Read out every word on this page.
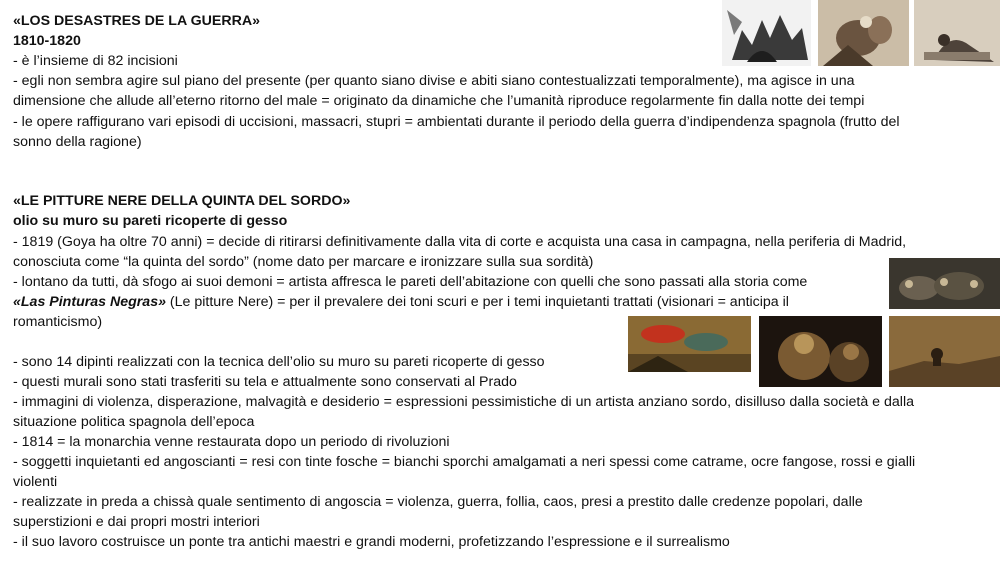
«LOS DESASTRES DE LA GUERRA»
1810-1820
- è l’insieme di 82 incisioni
- egli non sembra agire sul piano del presente (per quanto siano divise e abiti siano contestualizzati temporalmente), ma agisce in una
dimensione che allude all’eterno ritorno del male = originato da dinamiche che l’umanità riproduce regolarmente fin dalla notte dei tempi
- le opere raffigurano vari episodi di uccisioni, massacri, stupri = ambientati durante il periodo della guerra d’indipendenza spagnola (frutto del
sonno della ragione)
«LE PITTURE NERE DELLA QUINTA DEL SORDO»
olio su muro su pareti ricoperte di gesso
- 1819 (Goya ha oltre 70 anni) = decide di ritirarsi definitivamente dalla vita di corte e acquista una casa in campagna, nella periferia di Madrid,
conosciuta come “la quinta del sordo” (nome dato per marcare e ironizzare sulla sua sordità)
- lontano da tutti, dà sfogo ai suoi demoni = artista affresca le pareti dell’abitazione con quelli che sono passati alla storia come
«Las Pinturas Negras» (Le pitture Nere) = per il prevalere dei toni scuri e per i temi inquietanti trattati (visionari = anticipa il
romanticismo)
- sono 14 dipinti realizzati con la tecnica dell’olio su muro su pareti ricoperte di gesso
- questi murali sono stati trasferiti su tela e attualmente sono conservati al Prado
- immagini di violenza, disperazione, malvagità e desiderio = espressioni pessimistiche di un artista anziano sordo, disilluso dalla società e dalla
situazione politica spagnola dell’epoca
- 1814 = la monarchia venne restaurata dopo un periodo di rivoluzioni
- soggetti inquietanti ed angoscianti = resi con tinte fosche = bianchi sporchi amalgamati a neri spessi come catrame, ocre fangose, rossi e gialli
violenti
- realizzate in preda a chissà quale sentimento di angoscia = violenza, guerra, follia, caos, presi a prestito dalle credenze popolari, dalle
superstizioni e dai propri mostri interiori
- il suo lavoro costruisce un ponte tra antichi maestri e grandi moderni, profetizzando l’espressione e il surrealismo
